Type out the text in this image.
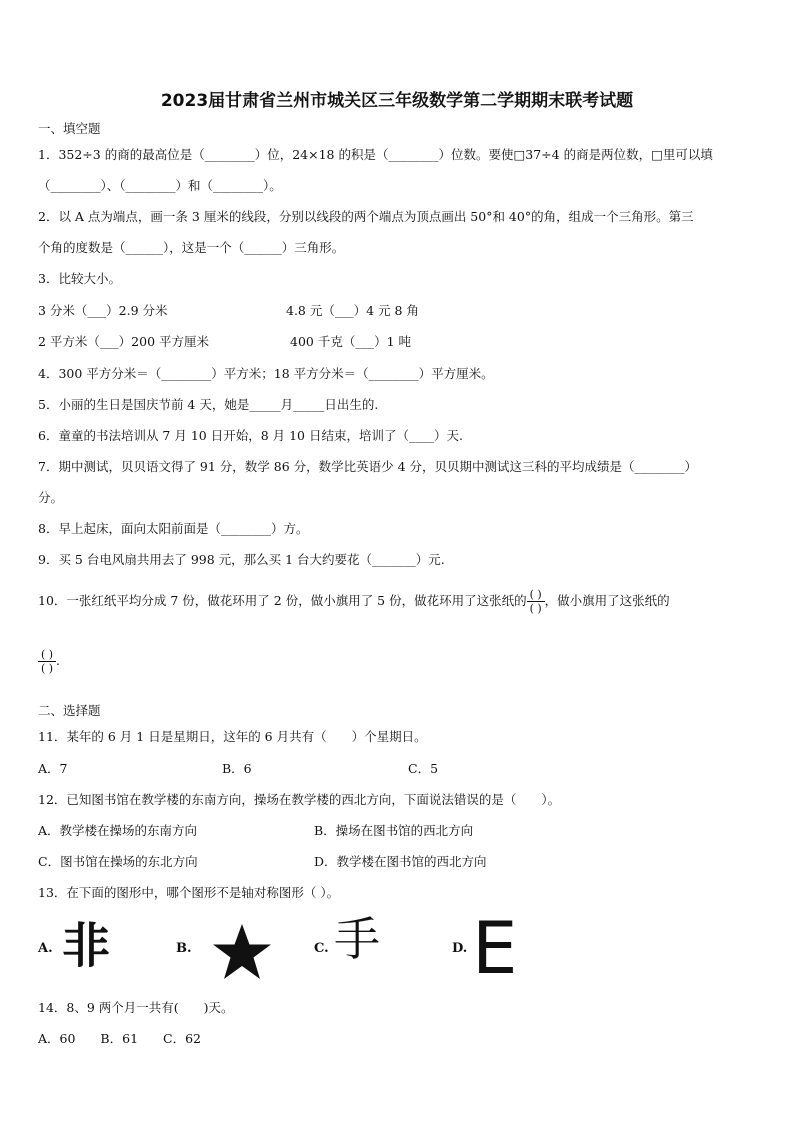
2023届甘肃省兰州市城关区三年级数学第二学期期末联考试题
一、填空题
1．352÷3 的商的最高位是（________）位，24×18 的积是（________）位数。要使□37÷4 的商是两位数，□里可以填
（________）、（________）和（________）。
2．以 A 点为端点，画一条 3 厘米的线段，分别以线段的两个端点为顶点画出 50°和 40°的角，组成一个三角形。第三
个角的度数是（______），这是一个（______）三角形。
3．比较大小。
3 分米（___）2.9 分米	4.8 元（___）4 元 8 角
2 平方米（___）200 平方厘米	400 千克（___）1 吨
4．300 平方分米＝（________）平方米；18 平方分米＝（________）平方厘米。
5．小丽的生日是国庆节前 4 天，她是_____月_____日出生的.
6．童童的书法培训从 7 月 10 日开始，8 月 10 日结束，培训了（____）天.
7．期中测试，贝贝语文得了 91 分，数学 86 分，数学比英语少 4 分，贝贝期中测试这三科的平均成绩是（________）
分。
8．早上起床，面向太阳前面是（________）方。
9．买 5 台电风扇共用去了 998 元，那么买 1 台大约要花（_______）元.
10．一张红纸平均分成 7 份，做花环用了 2 份，做小旗用了 5 份，做花环用了这张纸的 $\frac{( )}{( )}$ ，做小旗用了这张纸的
$\frac{( )}{( )}$ .
二、选择题
11．某年的 6 月 1 日是星期日，这年的 6 月共有（　　）个星期日。
A．7	B．6	C．5
12．已知图书馆在教学楼的东南方向，操场在教学楼的西北方向，下面说法错误的是（　　）。
A．教学楼在操场的东南方向	B．操场在图书馆的西北方向
C．图书馆在操场的东北方向	D．教学楼在图书馆的西北方向
13．在下面的图形中，哪个图形不是轴对称图形（ ）。
A. 非	B.	C. 手	D. E
14．8、9 两个月一共有(　　)天。
A．60　　B．61　　C．62
